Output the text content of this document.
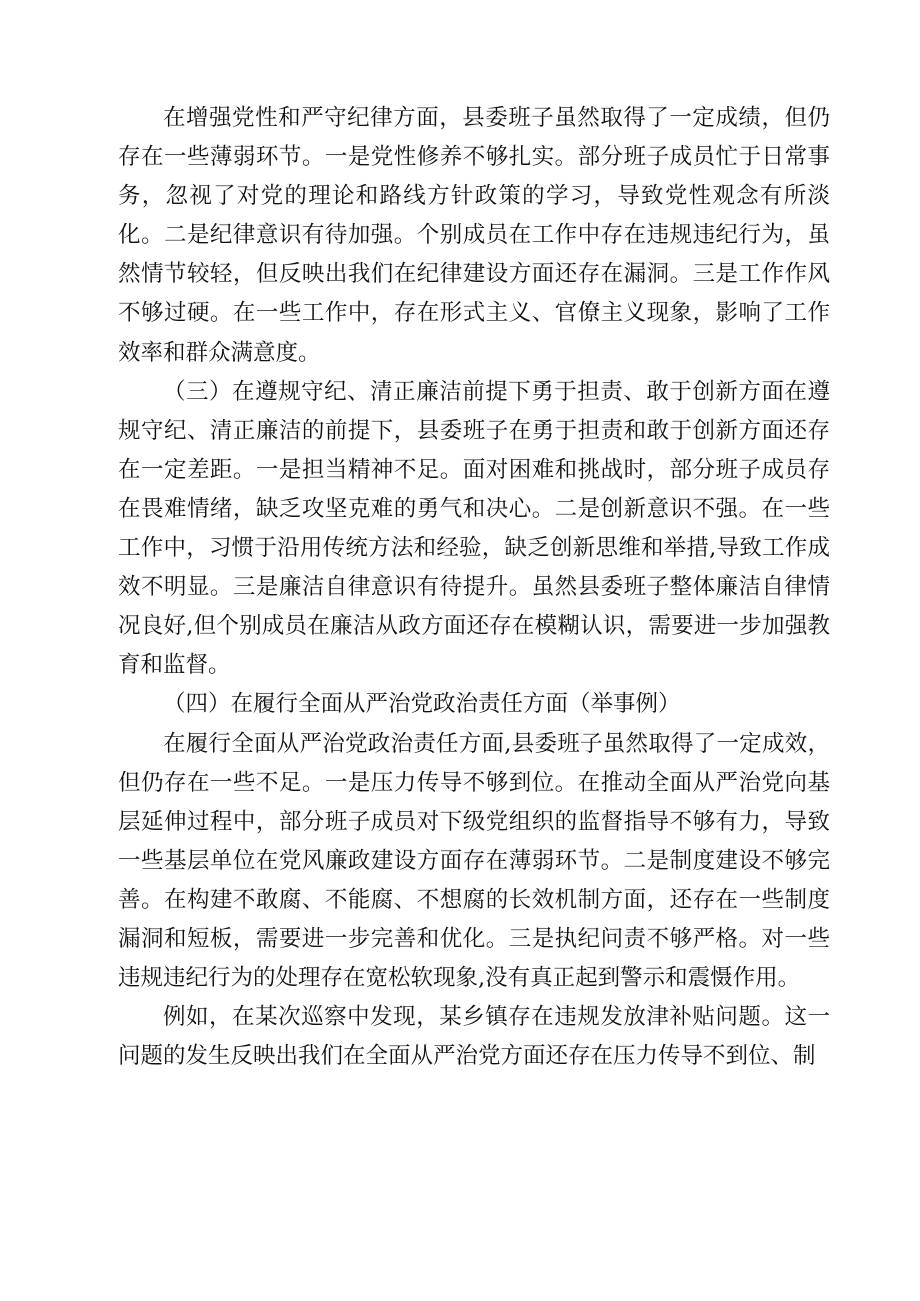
在增强党性和严守纪律方面，县委班子虽然取得了一定成绩，但仍存在一些薄弱环节。一是党性修养不够扎实。部分班子成员忙于日常事务，忽视了对党的理论和路线方针政策的学习，导致党性观念有所淡化。二是纪律意识有待加强。个别成员在工作中存在违规违纪行为，虽然情节较轻，但反映出我们在纪律建设方面还存在漏洞。三是工作作风不够过硬。在一些工作中，存在形式主义、官僚主义现象，影响了工作效率和群众满意度。

（三）在遵规守纪、清正廉洁前提下勇于担责、敢于创新方面在遵规守纪、清正廉洁的前提下，县委班子在勇于担责和敢于创新方面还存在一定差距。一是担当精神不足。面对困难和挑战时，部分班子成员存在畏难情绪，缺乏攻坚克难的勇气和决心。二是创新意识不强。在一些工作中，习惯于沿用传统方法和经验，缺乏创新思维和举措,导致工作成效不明显。三是廉洁自律意识有待提升。虽然县委班子整体廉洁自律情况良好,但个别成员在廉洁从政方面还存在模糊认识，需要进一步加强教育和监督。

（四）在履行全面从严治党政治责任方面（举事例）

在履行全面从严治党政治责任方面,县委班子虽然取得了一定成效，但仍存在一些不足。一是压力传导不够到位。在推动全面从严治党向基层延伸过程中，部分班子成员对下级党组织的监督指导不够有力，导致一些基层单位在党风廉政建设方面存在薄弱环节。二是制度建设不够完善。在构建不敢腐、不能腐、不想腐的长效机制方面，还存在一些制度漏洞和短板，需要进一步完善和优化。三是执纪问责不够严格。对一些违规违纪行为的处理存在宽松软现象,没有真正起到警示和震慑作用。

例如，在某次巡察中发现，某乡镇存在违规发放津补贴问题。这一问题的发生反映出我们在全面从严治党方面还存在压力传导不到位、制
